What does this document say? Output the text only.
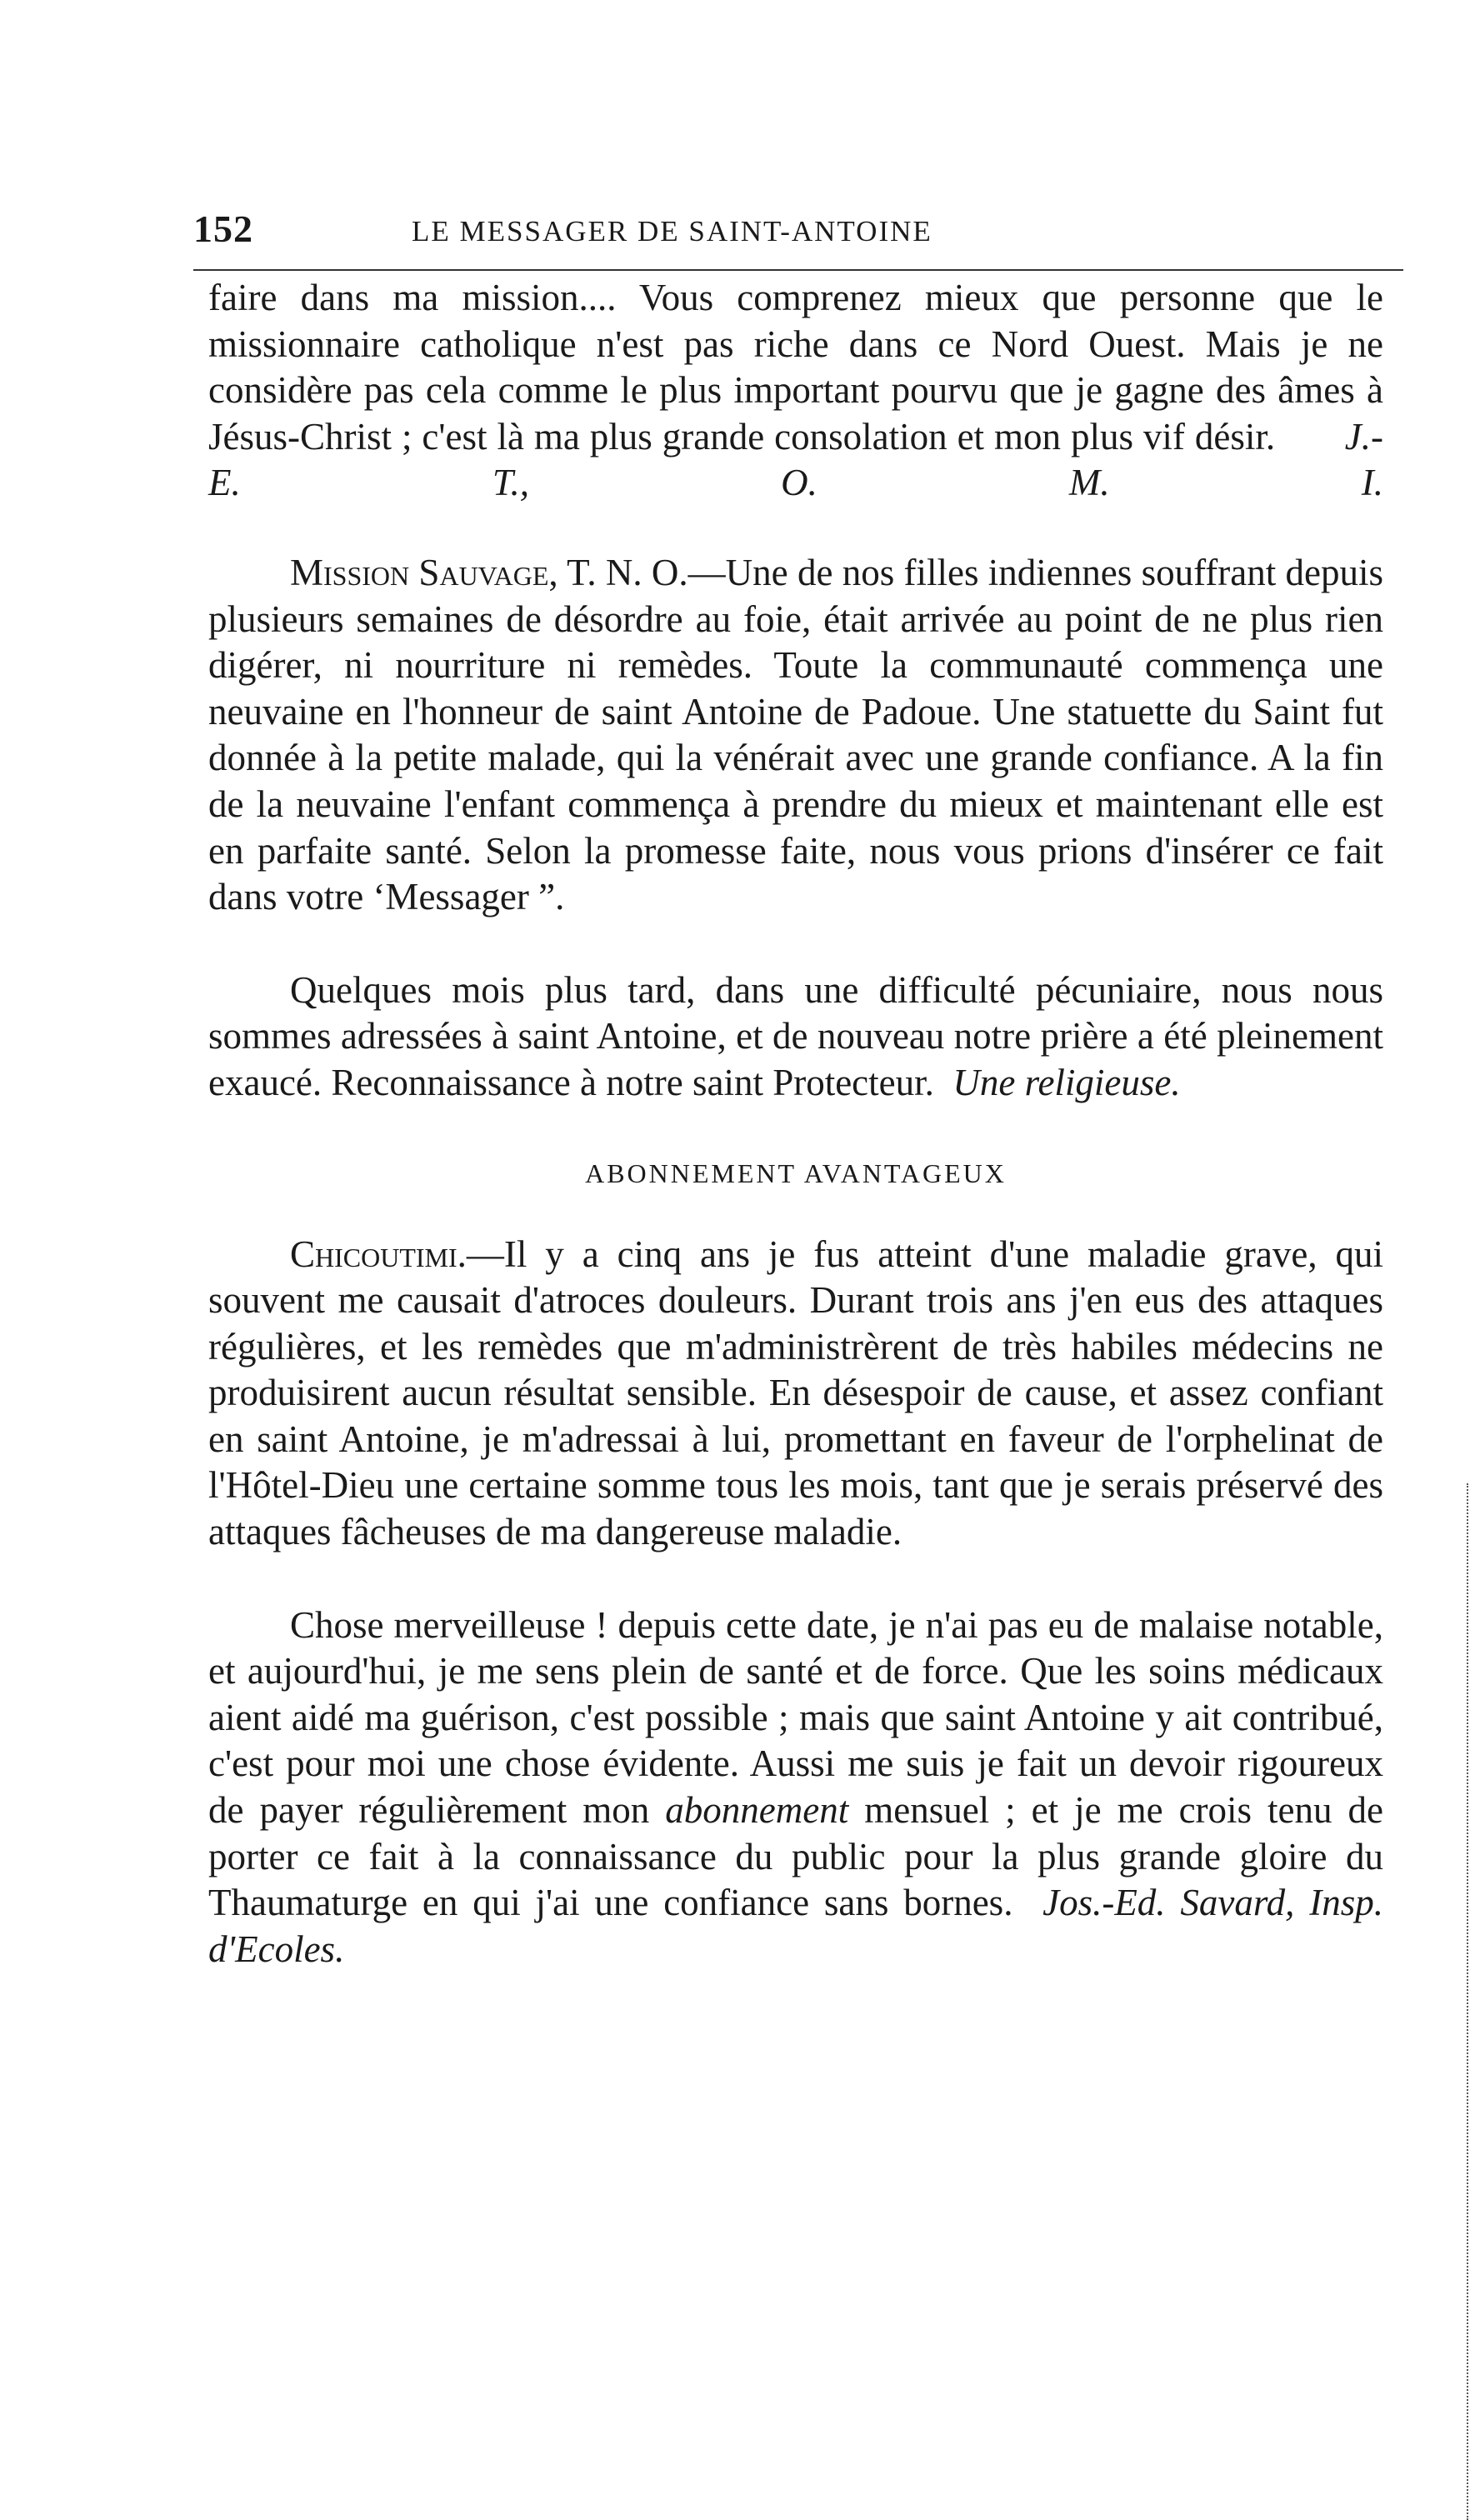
152	LE MESSAGER DE SAINT-ANTOINE

faire dans ma mission.... Vous comprenez mieux que personne que le missionnaire catholique n'est pas riche dans ce Nord Ouest. Mais je ne considère pas cela comme le plus important pourvu que je gagne des âmes à Jésus-Christ ; c'est là ma plus grande consolation et mon plus vif désir. J.-E. T., O. M. I.

Mission Sauvage, T. N. O.—Une de nos filles indiennes souffrant depuis plusieurs semaines de désordre au foie, était arrivée au point de ne plus rien digérer, ni nourriture ni remèdes. Toute la communauté commença une neuvaine en l'honneur de saint Antoine de Padoue. Une statuette du Saint fut donnée à la petite malade, qui la vénérait avec une grande confiance. A la fin de la neuvaine l'enfant commença à prendre du mieux et maintenant elle est en parfaite santé. Selon la promesse faite, nous vous prions d'insérer ce fait dans votre ‘Messager ”.

Quelques mois plus tard, dans une difficulté pécuniaire, nous nous sommes adressées à saint Antoine, et de nouveau notre prière a été pleinement exaucé. Reconnaissance à notre saint Protecteur. Une religieuse.

ABONNEMENT AVANTAGEUX

Chicoutimi.—Il y a cinq ans je fus atteint d'une maladie grave, qui souvent me causait d'atroces douleurs. Durant trois ans j'en eus des attaques régulières, et les remèdes que m'administrèrent de très habiles médecins ne produisirent aucun résultat sensible. En désespoir de cause, et assez confiant en saint Antoine, je m'adressai à lui, promettant en faveur de l'orphelinat de l'Hôtel-Dieu une certaine somme tous les mois, tant que je serais préservé des attaques fâcheuses de ma dangereuse maladie.

Chose merveilleuse ! depuis cette date, je n'ai pas eu de malaise notable, et aujourd'hui, je me sens plein de santé et de force. Que les soins médicaux aient aidé ma guérison, c'est possible ; mais que saint Antoine y ait contribué, c'est pour moi une chose évidente. Aussi me suis je fait un devoir rigoureux de payer régulièrement mon abonnement mensuel ; et je me crois tenu de porter ce fait à la connaissance du public pour la plus grande gloire du Thaumaturge en qui j'ai une confiance sans bornes. Jos.-Ed. Savard, Insp. d'Ecoles.
